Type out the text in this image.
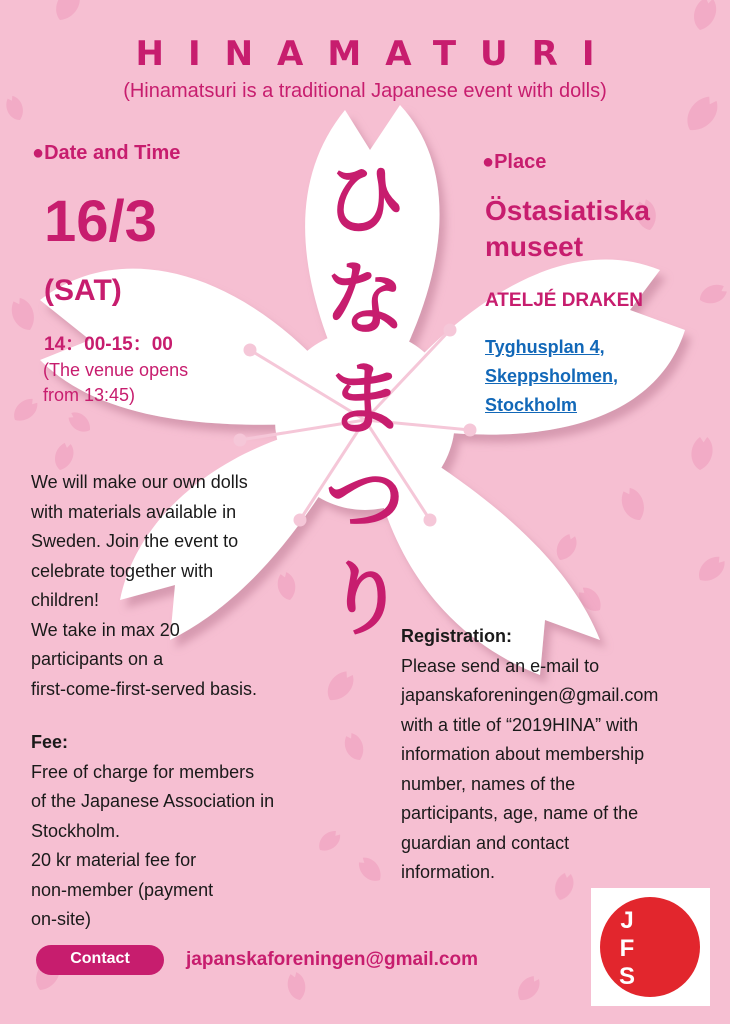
HINAMATURI
(Hinamatsuri is a traditional Japanese event with dolls)
ひ
な
ま
つ
り
●Date and Time
16/3
(SAT)
14：00-15：00
(The venue opens
from 13:45)
●Place
Östasiatiska
museet
ATELJÉ DRAKEN
Tyghusplan 4,
Skeppsholmen,
Stockholm
We will make our own dolls
with materials available in
Sweden. Join the event to
celebrate together with
children!
We take in max 20
participants on a
first-come-first-served basis.
Fee:
Free of charge for members
of the Japanese Association in
Stockholm.
20 kr material fee for
non-member (payment
on-site)
Registration:
Please send an e-mail to
japanskaforeningen@gmail.com
with a title of “2019HINA” with
information about membership
number, names of the
participants, age, name of the
guardian and contact
information.
Contact	japanskaforeningen@gmail.com
J
F
S
